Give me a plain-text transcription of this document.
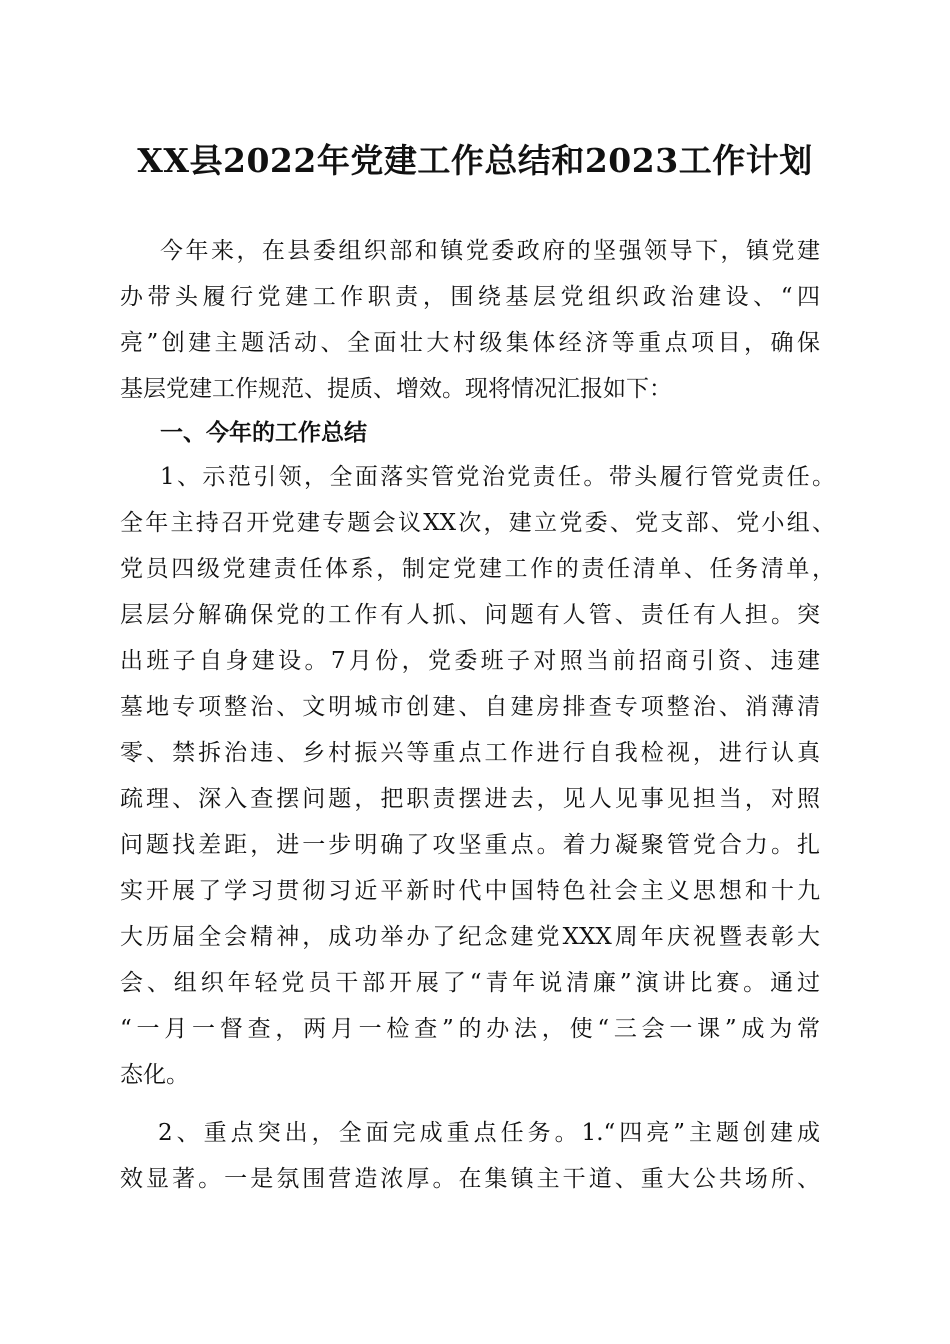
XX县2022年党建工作总结和2023工作计划

今年来，在县委组织部和镇党委政府的坚强领导下，镇党建

办带头履行党建工作职责，围绕基层党组织政治建设、“四

亮”创建主题活动、全面壮大村级集体经济等重点项目，确保

基层党建工作规范、提质、增效。现将情况汇报如下：

一、今年的工作总结

1、示范引领，全面落实管党治党责任。带头履行管党责任。

全年主持召开党建专题会议XX次，建立党委、党支部、党小组、

党员四级党建责任体系，制定党建工作的责任清单、任务清单，

层层分解确保党的工作有人抓、问题有人管、责任有人担。突

出班子自身建设。7月份，党委班子对照当前招商引资、违建

墓地专项整治、文明城市创建、自建房排查专项整治、消薄清

零、禁拆治违、乡村振兴等重点工作进行自我检视，进行认真

疏理、深入查摆问题，把职责摆进去，见人见事见担当，对照

问题找差距，进一步明确了攻坚重点。着力凝聚管党合力。扎

实开展了学习贯彻习近平新时代中国特色社会主义思想和十九

大历届全会精神，成功举办了纪念建党XXX周年庆祝暨表彰大

会、组织年轻党员干部开展了“青年说清廉”演讲比赛。通过

“一月一督查，两月一检查”的办法，使“三会一课”成为常

态化。

2、重点突出，全面完成重点任务。1.“四亮”主题创建成

效显著。一是氛围营造浓厚。在集镇主干道、重大公共场所、
